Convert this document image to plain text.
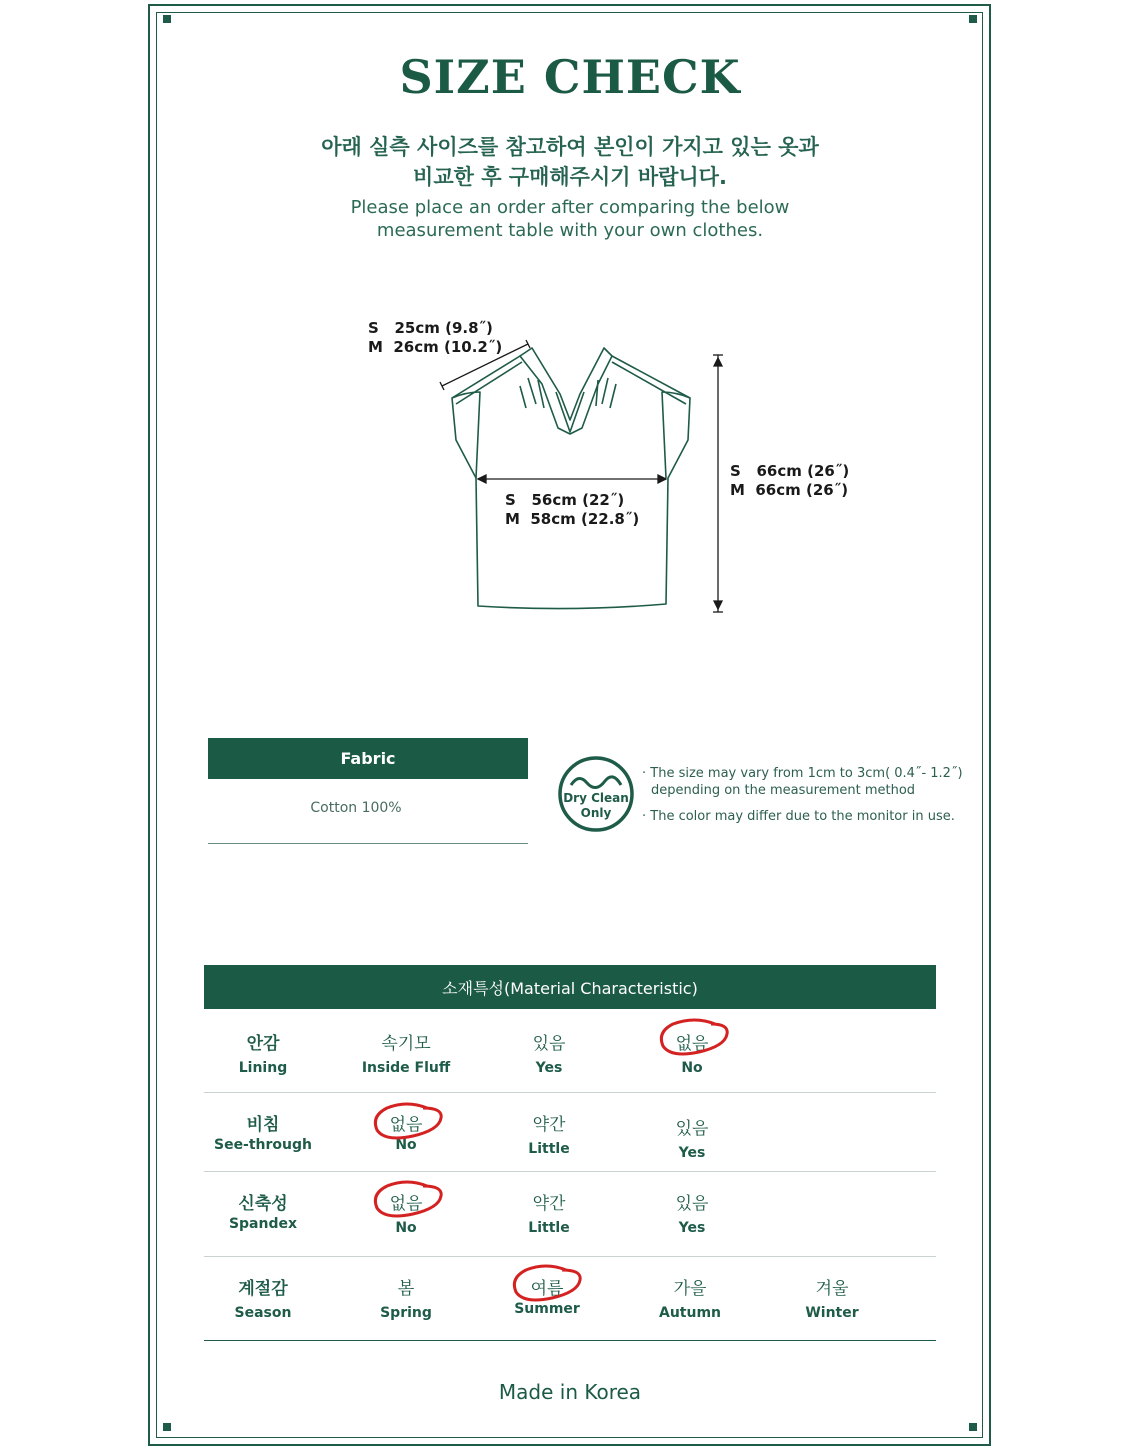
SIZE CHECK
아래 실측 사이즈를 참고하여 본인이 가지고 있는 옷과
비교한 후 구매해주시기 바랍니다.
Please place an order after comparing the below
measurement table with your own clothes.
S   25cm (9.8˝)
M  26cm (10.2˝)
S   56cm (22˝)
M  58cm (22.8˝)
S   66cm (26˝)
M  66cm (26˝)
Fabric
Cotton 100%
Dry Clean
Only
· The size may vary from 1cm to 3cm( 0.4˝- 1.2˝)
depending on the measurement method
· The color may differ due to the monitor in use.
소재특성(Material Characteristic)
안감
Lining
속기모
Inside Fluff
있음
Yes
없음
No
비침
See-through
없음
No
약간
Little
있음
Yes
신축성
Spandex
없음
No
약간
Little
있음
Yes
계절감
Season
봄
Spring
여름
Summer
가을
Autumn
겨울
Winter
Made in Korea
